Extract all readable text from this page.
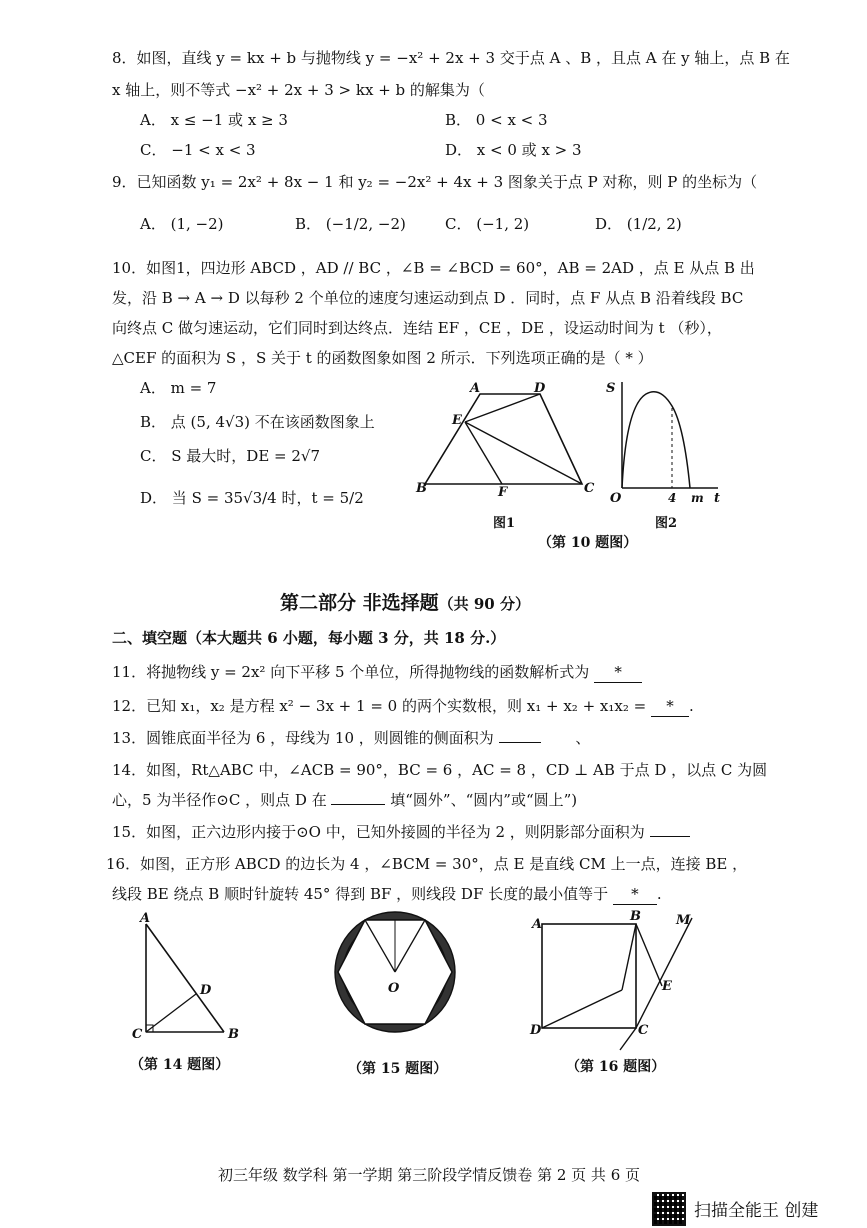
8．如图，直线 y = kx + b 与抛物线 y = −x² + 2x + 3 交于点 A 、B ，且点 A 在 y 轴上，点 B 在
x 轴上，则不等式 −x² + 2x + 3 > kx + b 的解集为（
A． x ≤ −1 或 x ≥ 3	B． 0 < x < 3
C． −1 < x < 3	D． x < 0 或 x > 3
9．已知函数 y₁ = 2x² + 8x − 1 和 y₂ = −2x² + 4x + 3 图象关于点 P 对称，则 P 的坐标为（
A． (1, −2)	B． (−1/2, −2)	C． (−1, 2)	D． (1/2, 2)
10．如图1，四边形 ABCD ，AD // BC ，∠B = ∠BCD = 60°，AB = 2AD ，点 E 从点 B 出
发，沿 B → A → D 以每秒 2 个单位的速度匀速运动到点 D ．同时，点 F 从点 B 沿着线段 BC
向终点 C 做匀速运动，它们同时到达终点．连结 EF ，CE ，DE ，设运动时间为 t （秒），
△CEF 的面积为 S ，S 关于 t 的函数图象如图 2 所示．下列选项正确的是（ * ）
A． m = 7
B． 点 (5, 4√3) 不在该函数图象上
C． S 最大时，DE = 2√7
D． 当 S = 35√3/4 时，t = 5/2
A	D
E
B	F	C
图1
S
O	4 m t
图2
（第 10 题图）
第二部分 非选择题（共 90 分）
二、填空题（本大题共 6 小题，每小题 3 分，共 18 分.）
11．将抛物线 y = 2x² 向下平移 5 个单位，所得抛物线的函数解析式为 *
12．已知 x₁，x₂ 是方程 x² − 3x + 1 = 0 的两个实数根，则 x₁ + x₂ + x₁x₂ = * .
13．圆锥底面半径为 6 ，母线为 10 ，则圆锥的侧面积为	、
14．如图，Rt△ABC 中，∠ACB = 90°，BC = 6 ，AC = 8 ，CD ⊥ AB 于点 D ，以点 C 为圆
心，5 为半径作⊙C ，则点 D 在	填“圆外”、“圆内”或“圆上”)
15．如图，正六边形内接于⊙O 中，已知外接圆的半径为 2 ，则阴影部分面积为
16．如图，正方形 ABCD 的边长为 4 ，∠BCM = 30°，点 E 是直线 CM 上一点，连接 BE ，
线段 BE 绕点 B 顺时针旋转 45° 得到 BF ，则线段 DF 长度的最小值等于 * .
A
D
C	B
（第 14 题图）
O
（第 15 题图）
A
B	M
E
D	C
（第 16 题图）
初三年级 数学科 第一学期 第三阶段学情反馈卷 第 2 页 共 6 页
扫描全能王 创建
